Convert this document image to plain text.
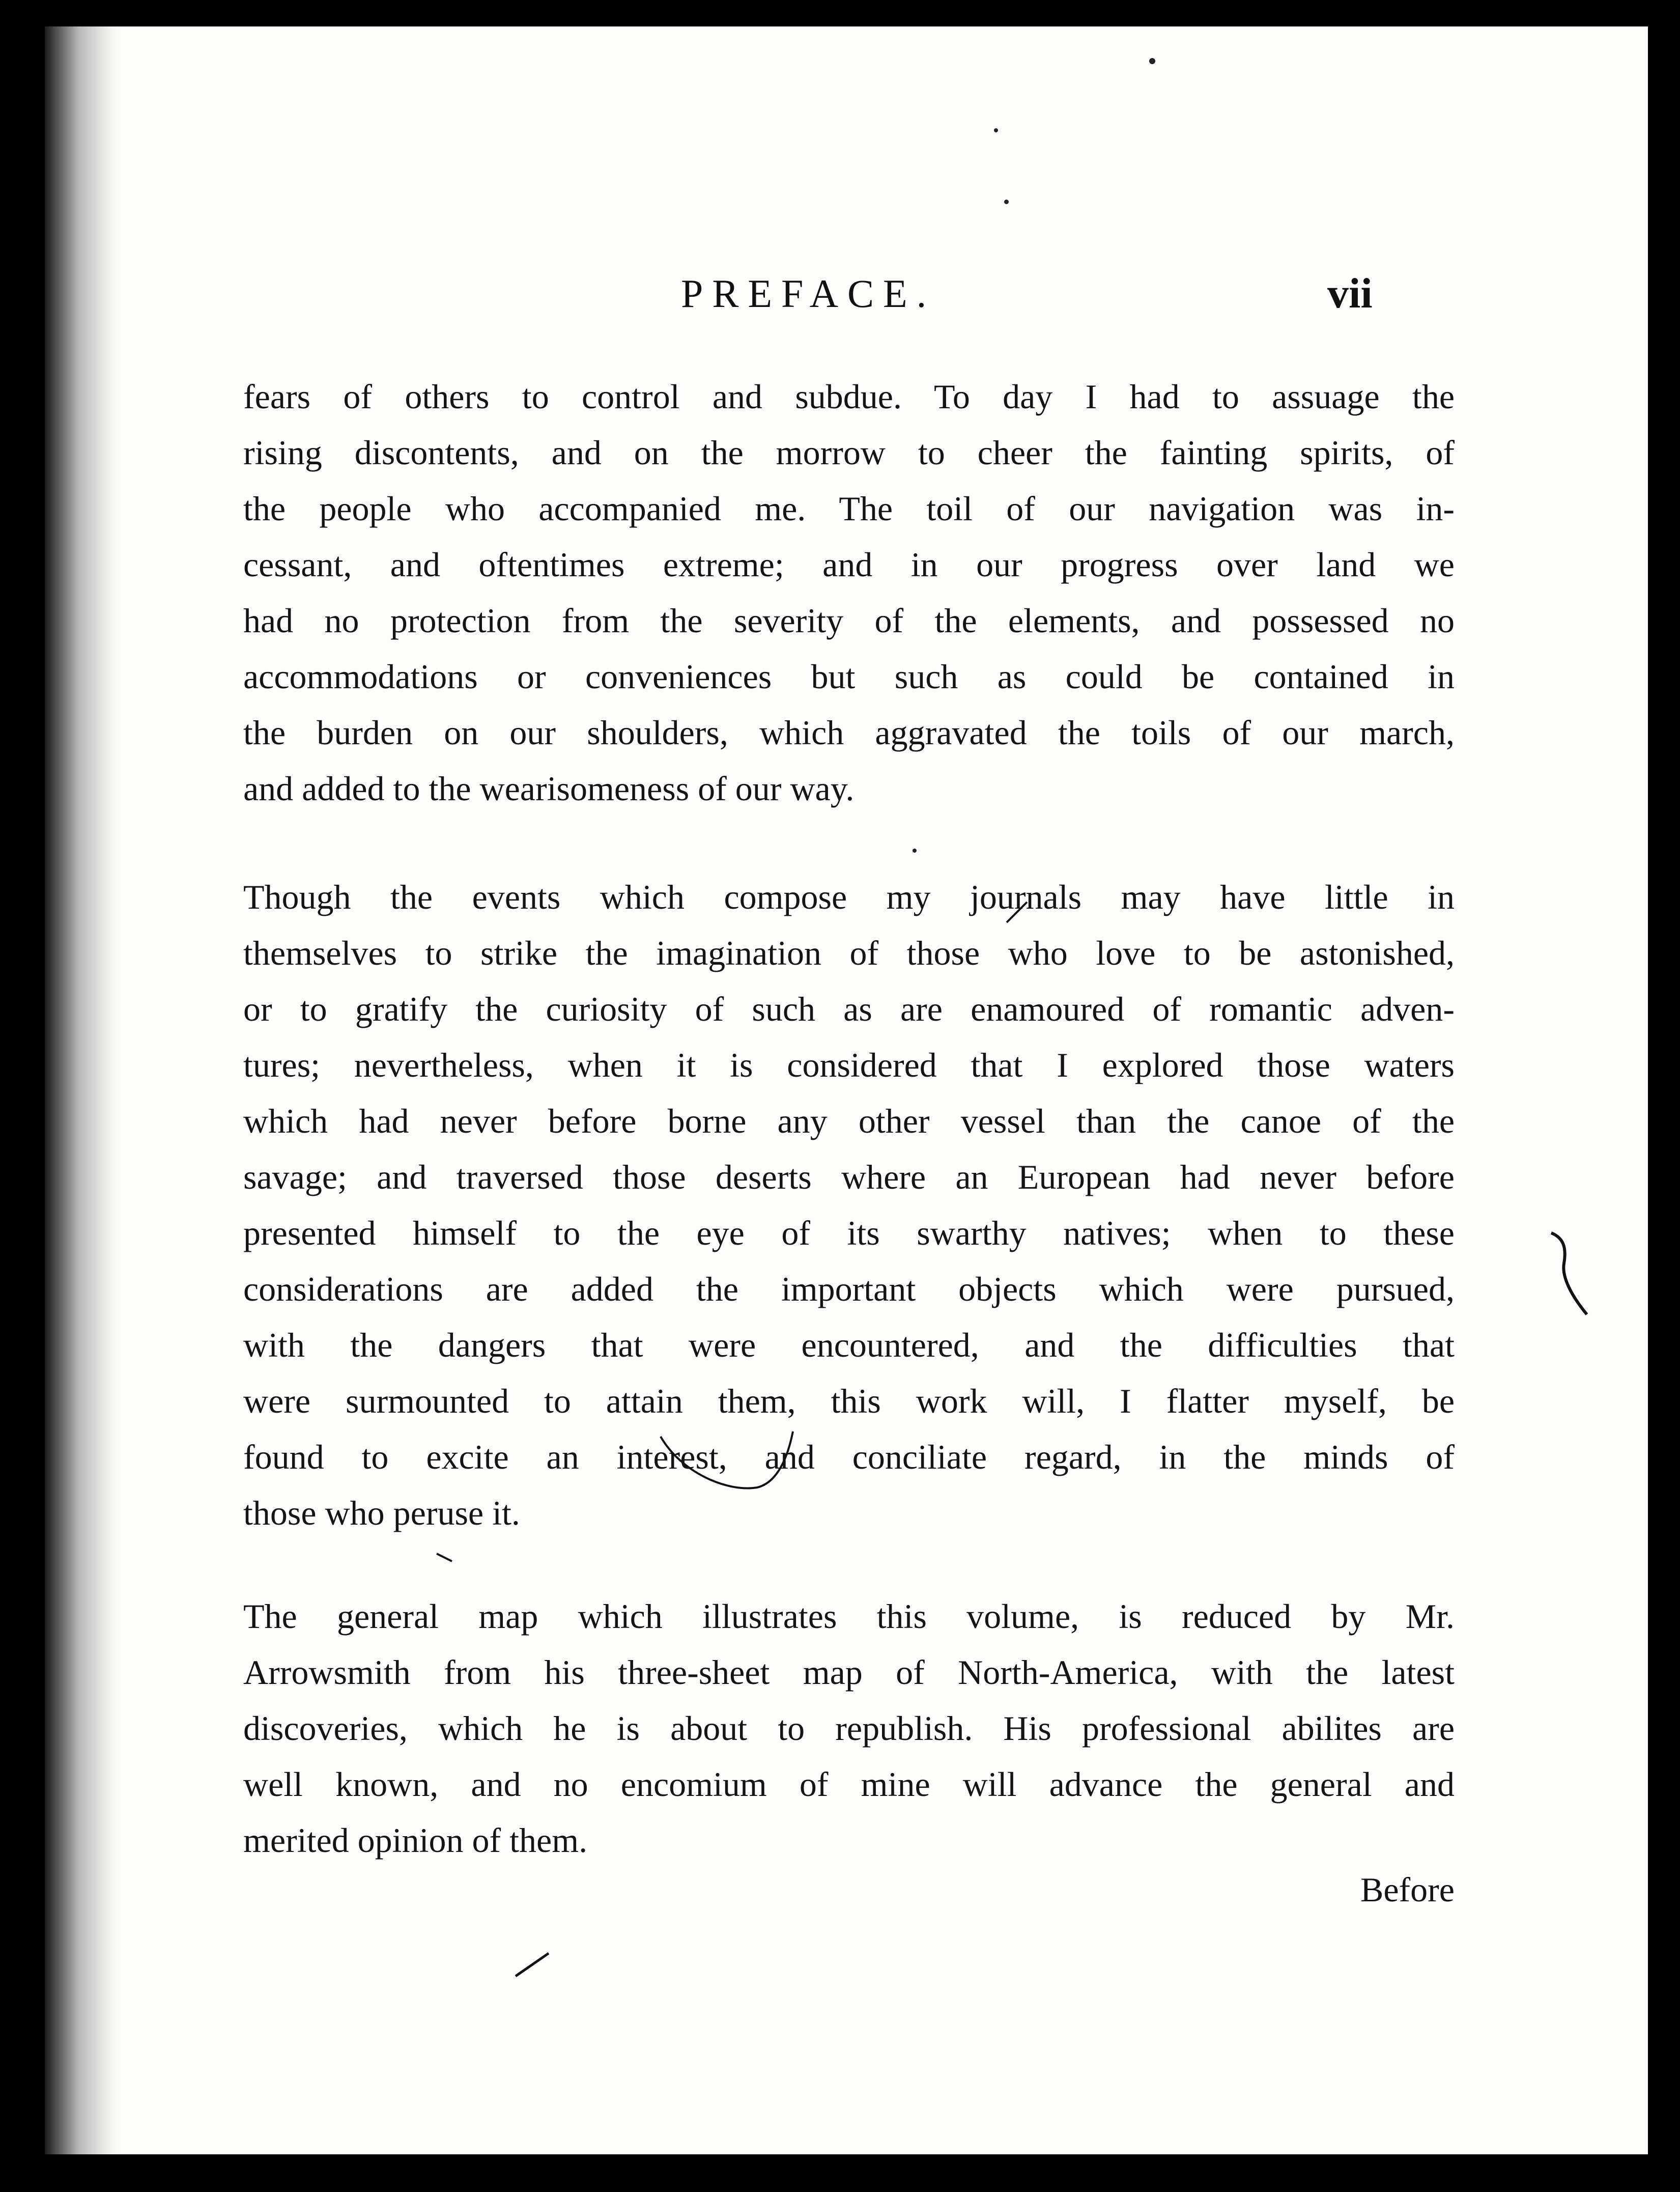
PREFACE.	vii
fears of others to control and subdue. To day I had to assuage the
rising discontents, and on the morrow to cheer the fainting spirits, of
the people who accompanied me. The toil of our navigation was in-
cessant, and oftentimes extreme; and in our progress over land we
had no protection from the severity of the elements, and possessed no
accommodations or conveniences but such as could be contained in
the burden on our shoulders, which aggravated the toils of our march,
and added to the wearisomeness of our way.
Though the events which compose my journals may have little in
themselves to strike the imagination of those who love to be astonished,
or to gratify the curiosity of such as are enamoured of romantic adven-
tures; nevertheless, when it is considered that I explored those waters
which had never before borne any other vessel than the canoe of the
savage; and traversed those deserts where an European had never before
presented himself to the eye of its swarthy natives; when to these
considerations are added the important objects which were pursued,
with the dangers that were encountered, and the difficulties that
were surmounted to attain them, this work will, I flatter myself, be
found to excite an interest, and conciliate regard, in the minds of
those who peruse it.
The general map which illustrates this volume, is reduced by Mr.
Arrowsmith from his three-sheet map of North-America, with the latest
discoveries, which he is about to republish. His professional abilites are
well known, and no encomium of mine will advance the general and
merited opinion of them.
Before
